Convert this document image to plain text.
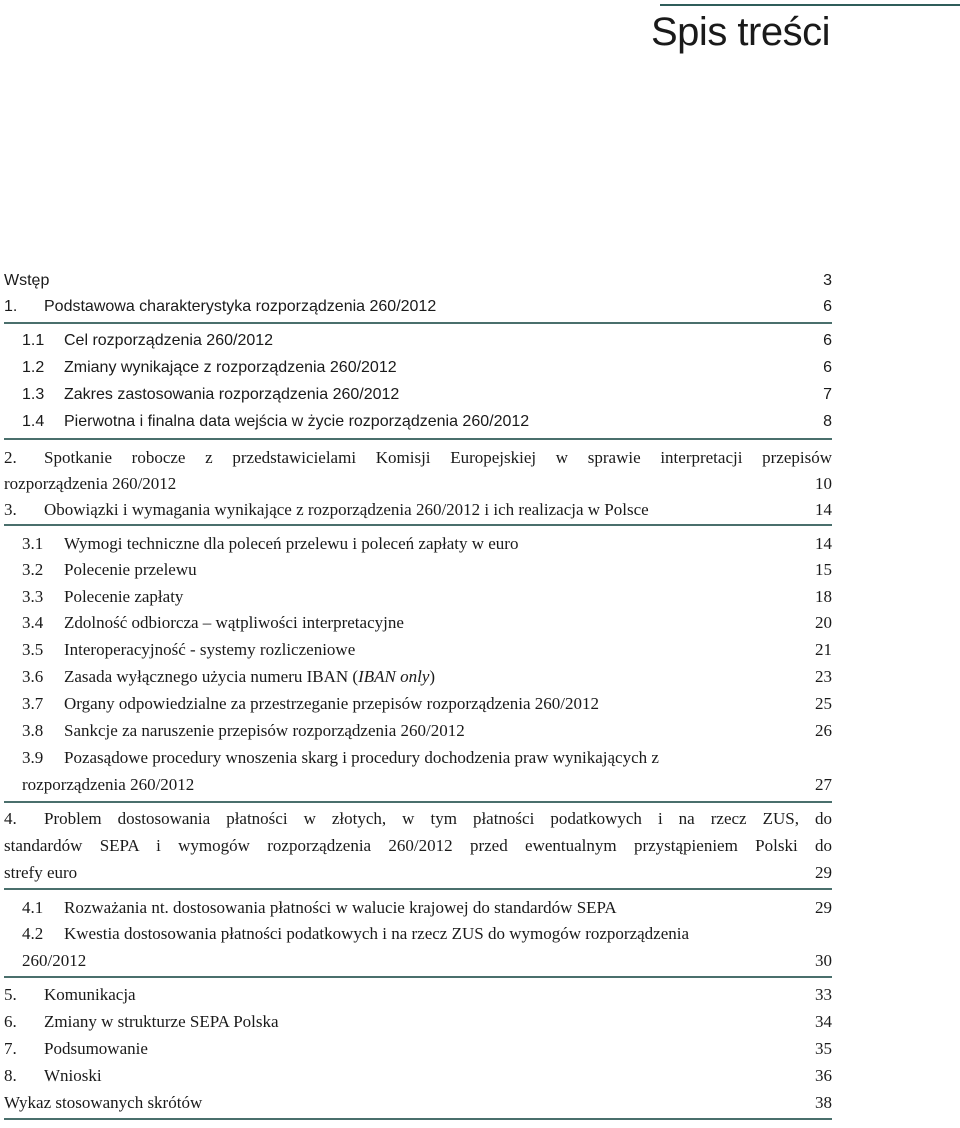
Spis treści
Wstęp	3
1. Podstawowa charakterystyka rozporządzenia 260/2012	6
1.1 Cel rozporządzenia 260/2012	6
1.2 Zmiany wynikające z rozporządzenia 260/2012	6
1.3 Zakres zastosowania rozporządzenia 260/2012	7
1.4 Pierwotna i finalna data wejścia w życie rozporządzenia 260/2012	8
2. Spotkanie robocze z przedstawicielami Komisji Europejskiej w sprawie interpretacji przepisów
rozporządzenia 260/2012	10
3. Obowiązki i wymagania wynikające z rozporządzenia 260/2012 i ich realizacja w Polsce	14
3.1 Wymogi techniczne dla poleceń przelewu i poleceń zapłaty w euro	14
3.2 Polecenie przelewu	15
3.3 Polecenie zapłaty	18
3.4 Zdolność odbiorcza – wątpliwości interpretacyjne	20
3.5 Interoperacyjność - systemy rozliczeniowe	21
3.6 Zasada wyłącznego użycia numeru IBAN (IBAN only)	23
3.7 Organy odpowiedzialne za przestrzeganie przepisów rozporządzenia 260/2012	25
3.8 Sankcje za naruszenie przepisów rozporządzenia 260/2012	26
3.9 Pozasądowe procedury wnoszenia skarg i procedury dochodzenia praw wynikających z
rozporządzenia 260/2012	27
4. Problem dostosowania płatności w złotych, w tym płatności podatkowych i na rzecz ZUS, do
standardów SEPA i wymogów rozporządzenia 260/2012 przed ewentualnym przystąpieniem Polski do
strefy euro	29
4.1 Rozważania nt. dostosowania płatności w walucie krajowej do standardów SEPA	29
4.2 Kwestia dostosowania płatności podatkowych i na rzecz ZUS do wymogów rozporządzenia
260/2012	30
5. Komunikacja	33
6. Zmiany w strukturze SEPA Polska	34
7. Podsumowanie	35
8. Wnioski	36
Wykaz stosowanych skrótów	38
